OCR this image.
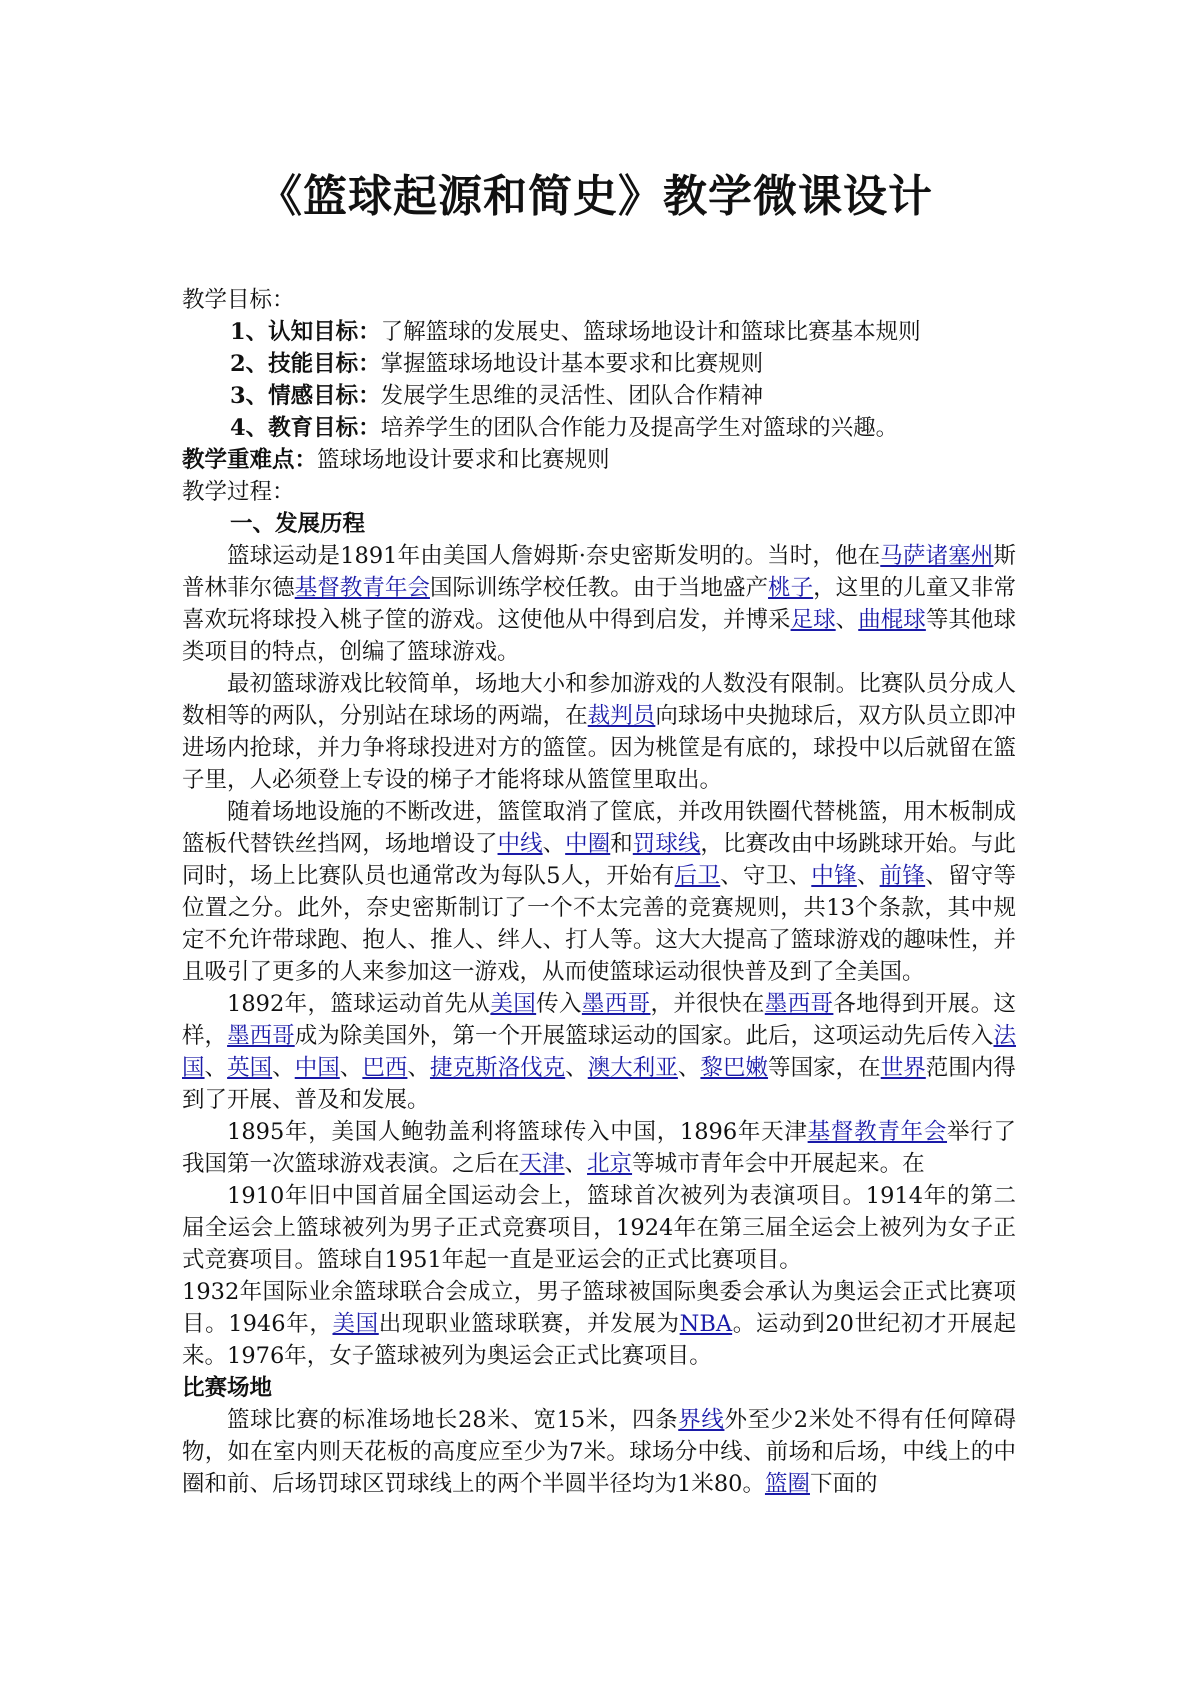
《篮球起源和简史》教学微课设计

教学目标：

1、认知目标：了解篮球的发展史、篮球场地设计和篮球比赛基本规则

2、技能目标：掌握篮球场地设计基本要求和比赛规则

3、情感目标：发展学生思维的灵活性、团队合作精神

4、教育目标：培养学生的团队合作能力及提高学生对篮球的兴趣。

教学重难点：篮球场地设计要求和比赛规则

教学过程：

一、发展历程

篮球运动是1891年由美国人詹姆斯·奈史密斯发明的。当时，他在马萨诸塞州斯普林菲尔德基督教青年会国际训练学校任教。由于当地盛产桃子，这里的儿童又非常喜欢玩将球投入桃子筐的游戏。这使他从中得到启发，并博采足球、曲棍球等其他球类项目的特点，创编了篮球游戏。

最初篮球游戏比较简单，场地大小和参加游戏的人数没有限制。比赛队员分成人数相等的两队，分别站在球场的两端，在裁判员向球场中央抛球后，双方队员立即冲进场内抢球，并力争将球投进对方的篮筐。因为桃筐是有底的，球投中以后就留在篮子里，人必须登上专设的梯子才能将球从篮筐里取出。

随着场地设施的不断改进，篮筐取消了筐底，并改用铁圈代替桃篮，用木板制成篮板代替铁丝挡网，场地增设了中线、中圈和罚球线，比赛改由中场跳球开始。与此同时，场上比赛队员也通常改为每队5人，开始有后卫、守卫、中锋、前锋、留守等位置之分。此外，奈史密斯制订了一个不太完善的竞赛规则，共13个条款，其中规定不允许带球跑、抱人、推人、绊人、打人等。这大大提高了篮球游戏的趣味性，并且吸引了更多的人来参加这一游戏，从而使篮球运动很快普及到了全美国。

1892年，篮球运动首先从美国传入墨西哥，并很快在墨西哥各地得到开展。这样，墨西哥成为除美国外，第一个开展篮球运动的国家。此后，这项运动先后传入法国、英国、中国、巴西、捷克斯洛伐克、澳大利亚、黎巴嫩等国家，在世界范围内得到了开展、普及和发展。

1895年，美国人鲍勃盖利将篮球传入中国，1896年天津基督教青年会举行了我国第一次篮球游戏表演。之后在天津、北京等城市青年会中开展起来。在

1910年旧中国首届全国运动会上，篮球首次被列为表演项目。1914年的第二届全运会上篮球被列为男子正式竞赛项目，1924年在第三届全运会上被列为女子正式竞赛项目。篮球自1951年起一直是亚运会的正式比赛项目。

1932年国际业余篮球联合会成立，男子篮球被国际奥委会承认为奥运会正式比赛项目。1946年，美国出现职业篮球联赛，并发展为NBA。运动到20世纪初才开展起来。1976年，女子篮球被列为奥运会正式比赛项目。

比赛场地

篮球比赛的标准场地长28米、宽15米，四条界线外至少2米处不得有任何障碍物，如在室内则天花板的高度应至少为7米。球场分中线、前场和后场，中线上的中圈和前、后场罚球区罚球线上的两个半圆半径均为1米80。篮圈下面的
